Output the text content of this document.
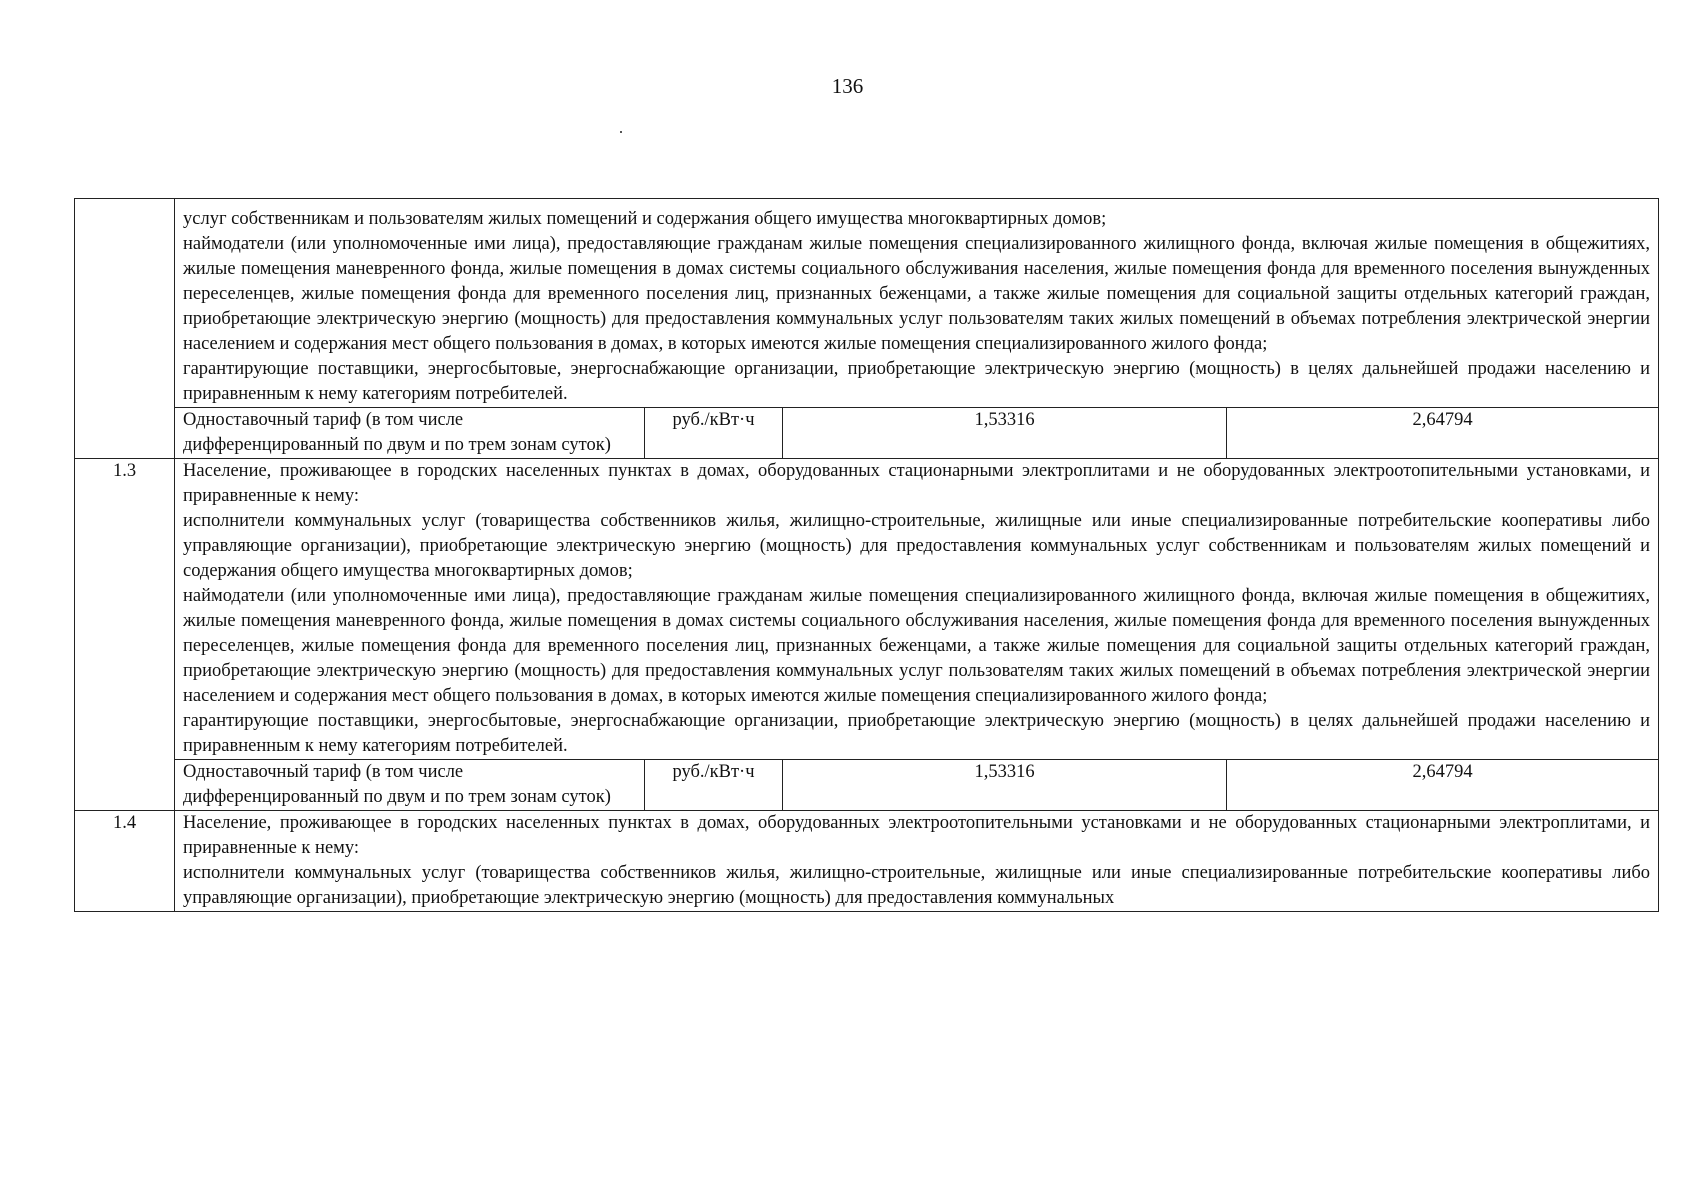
136

	услуг собственникам и пользователям жилых помещений и содержания общего имущества многоквартирных домов;

наймодатели (или уполномоченные ими лица), предоставляющие гражданам жилые помещения специализированного жилищного фонда, включая жилые помещения в общежитиях, жилые помещения маневренного фонда, жилые помещения в домах системы социального обслуживания населения, жилые помещения фонда для временного поселения вынужденных переселенцев, жилые помещения фонда для временного поселения лиц, признанных беженцами, а также жилые помещения для социальной защиты отдельных категорий граждан, приобретающие электрическую энергию (мощность) для предоставления коммунальных услуг пользователям таких жилых помещений в объемах потребления электрической энергии населением и содержания мест общего пользования в домах, в которых имеются жилые помещения специализированного жилого фонда;

гарантирующие поставщики, энергосбытовые, энергоснабжающие организации, приобретающие электрическую энергию (мощность) в целях дальнейшей продажи населению и приравненным к нему категориям потребителей.			

	Одноставочный тариф (в том числе дифференцированный по двум и по трем зонам суток)	руб./кВт·ч	1,53316	2,64794
1.3	Население, проживающее в городских населенных пунктах в домах, оборудованных стационарными электроплитами и не оборудованных электроотопительными установками, и приравненные к нему:

исполнители коммунальных услуг (товарищества собственников жилья, жилищно-строительные, жилищные или иные специализированные потребительские кооперативы либо управляющие организации), приобретающие электрическую энергию (мощность) для предоставления коммунальных услуг собственникам и пользователям жилых помещений и содержания общего имущества многоквартирных домов;

наймодатели (или уполномоченные ими лица), предоставляющие гражданам жилые помещения специализированного жилищного фонда, включая жилые помещения в общежитиях, жилые помещения маневренного фонда, жилые помещения в домах системы социального обслуживания населения, жилые помещения фонда для временного поселения вынужденных переселенцев, жилые помещения фонда для временного поселения лиц, признанных беженцами, а также жилые помещения для социальной защиты отдельных категорий граждан, приобретающие электрическую энергию (мощность) для предоставления коммунальных услуг пользователям таких жилых помещений в объемах потребления электрической энергии населением и содержания мест общего пользования в домах, в которых имеются жилые помещения специализированного жилого фонда;

гарантирующие поставщики, энергосбытовые, энергоснабжающие организации, приобретающие электрическую энергию (мощность) в целях дальнейшей продажи населению и приравненным к нему категориям потребителей.			

	Одноставочный тариф (в том числе дифференцированный по двум и по трем зонам суток)	руб./кВт·ч	1,53316	2,64794
1.4	Население, проживающее в городских населенных пунктах в домах, оборудованных электроотопительными установками и не оборудованных стационарными электроплитами, и приравненные к нему:

исполнители коммунальных услуг (товарищества собственников жилья, жилищно-строительные, жилищные или иные специализированные потребительские кооперативы либо управляющие организации), приобретающие электрическую энергию (мощность) для предоставления коммунальных			
